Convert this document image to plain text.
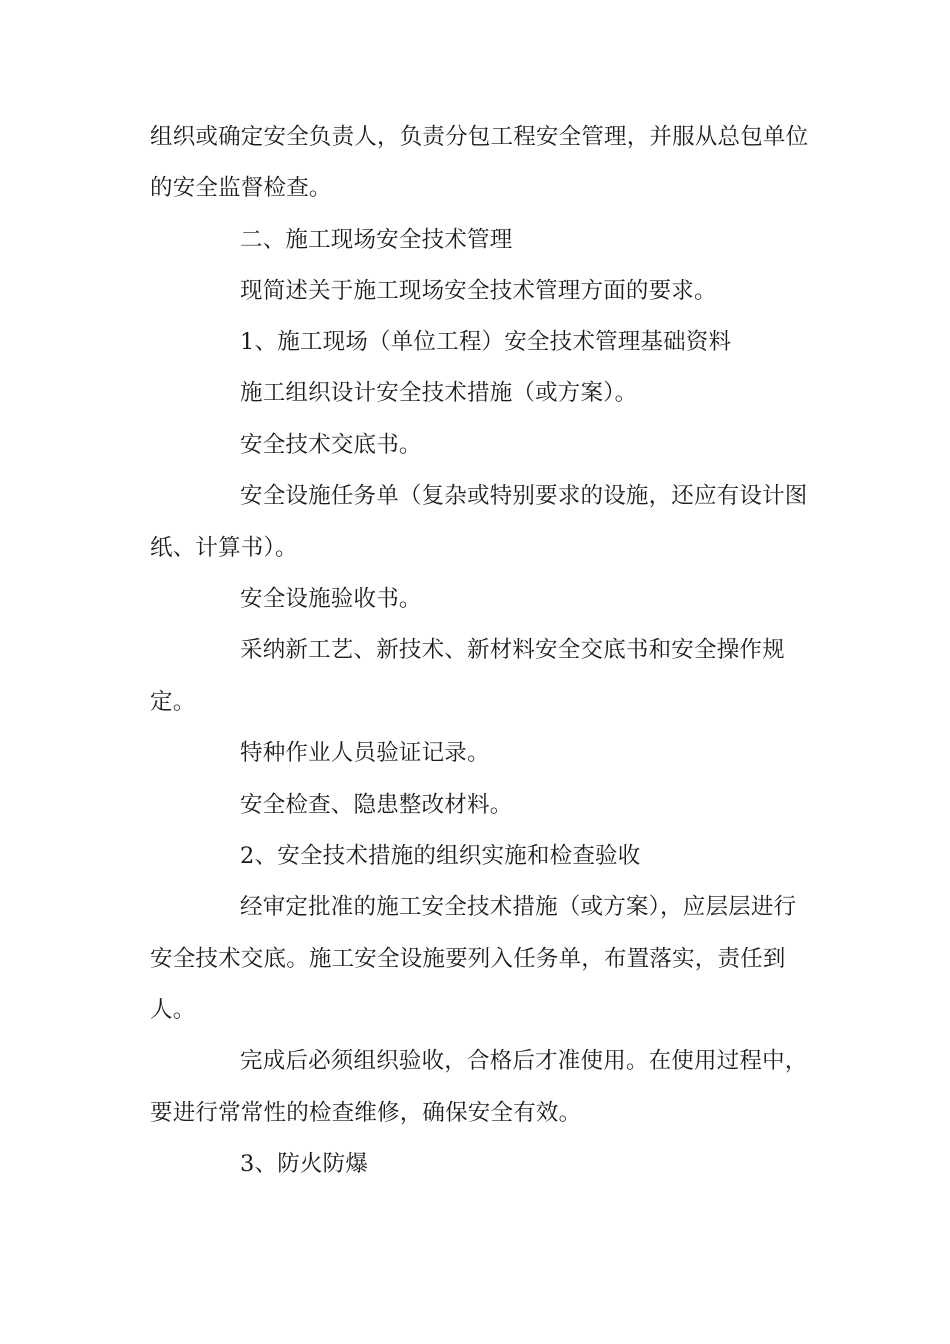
组织或确定安全负责人，负责分包工程安全管理，并服从总包单位
的安全监督检查。
二、施工现场安全技术管理
现简述关于施工现场安全技术管理方面的要求。
1、施工现场（单位工程）安全技术管理基础资料
施工组织设计安全技术措施（或方案）。
安全技术交底书。
安全设施任务单（复杂或特别要求的设施，还应有设计图
纸、计算书）。
安全设施验收书。
采纳新工艺、新技术、新材料安全交底书和安全操作规
定。
特种作业人员验证记录。
安全检查、隐患整改材料。
2、安全技术措施的组织实施和检查验收
经审定批准的施工安全技术措施（或方案），应层层进行
安全技术交底。施工安全设施要列入任务单，布置落实，责任到
人。
完成后必须组织验收，合格后才准使用。在使用过程中，
要进行常常性的检查维修，确保安全有效。
3、防火防爆
